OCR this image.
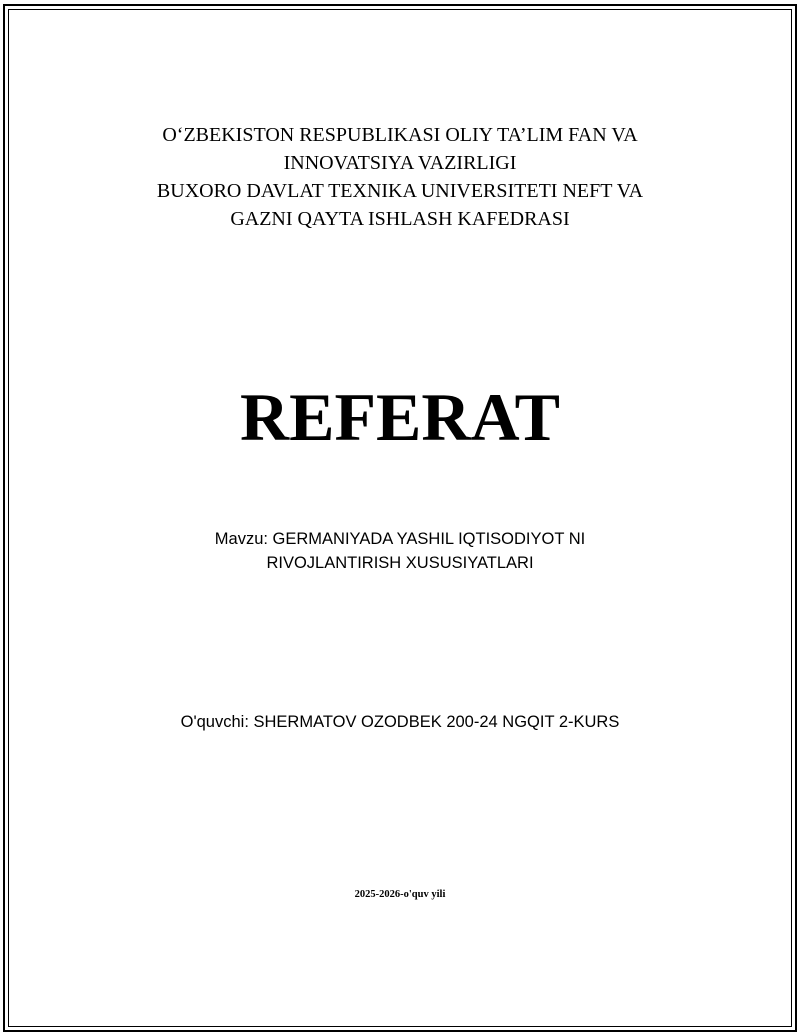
O‘ZBEKISTON RESPUBLIKASI OLIY TA’LIM FAN VA
INNOVATSIYA VAZIRLIGI
BUXORO DAVLAT TEXNIKA UNIVERSITETI NEFT VA
GAZNI QAYTA ISHLASH KAFEDRASI
REFERAT
Mavzu: GERMANIYADA YASHIL IQTISODIYOT NI
RIVOJLANTIRISH XUSUSIYATLARI
O'quvchi: SHERMATOV OZODBEK 200-24 NGQIT 2-KURS
2025-2026-o'quv yili
